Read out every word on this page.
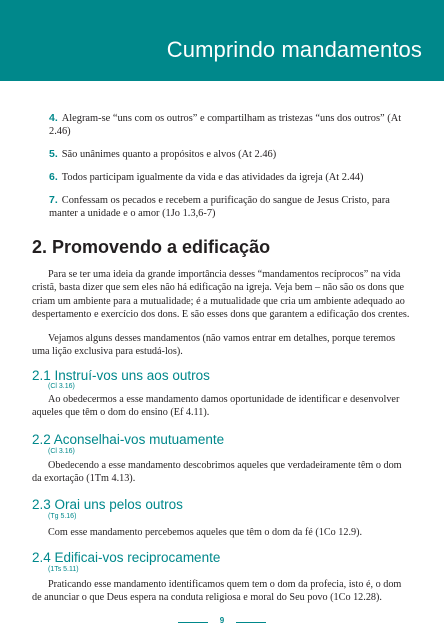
Cumprindo mandamentos
4. Alegram-se “uns com os outros” e compartilham as tristezas “uns dos outros” (At 2.46)
5. São unânimes quanto a propósitos e alvos (At 2.46)
6. Todos participam igualmente da vida e das atividades da igreja (At 2.44)
7. Confessam os pecados e recebem a purificação do sangue de Jesus Cristo, para manter a unidade e o amor (1Jo 1.3,6-7)
2. Promovendo a edificação

Para se ter uma ideia da grande importância desses “mandamentos recíprocos” na vida cristã, basta dizer que sem eles não há edificação na igreja. Veja bem – não são os dons que criam um ambiente para a mutualidade; é a mutualidade que cria um ambiente adequado ao despertamento e exercício dos dons. E são esses dons que garantem a edificação dos crentes.

Vejamos alguns desses mandamentos (não vamos entrar em detalhes, porque teremos uma lição exclusiva para estudá-los).

2.1 Instruí-vos uns aos outros
(Cl 3.16)

Ao obedecermos a esse mandamento damos oportunidade de identificar e desenvolver aqueles que têm o dom do ensino (Ef 4.11).

2.2 Aconselhai-vos mutuamente
(Cl 3.16)

Obedecendo a esse mandamento descobrimos aqueles que verdadeiramente têm o dom da exortação (1Tm 4.13).

2.3 Orai uns pelos outros
(Tg 5.16)

Com esse mandamento percebemos aqueles que têm o dom da fé (1Co 12.9).

2.4 Edificai-vos reciprocamente
(1Ts 5.11)

Praticando esse mandamento identificamos quem tem o dom da profecia, isto é, o dom de anunciar o que Deus espera na conduta religiosa e moral do Seu povo (1Co 12.28).

9
